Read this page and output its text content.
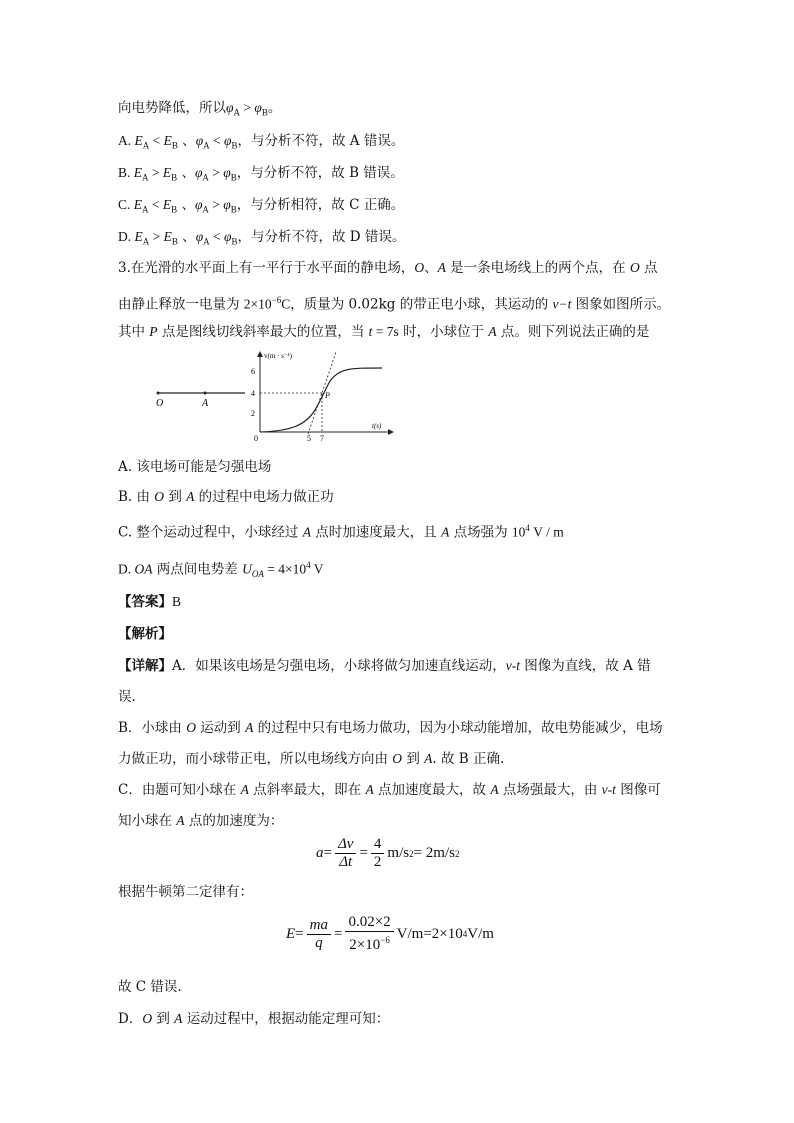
向电势降低，所以$\varphi_A > \varphi_B$。
A. $E_A < E_B$ 、$\varphi_A < \varphi_B$，与分析不符，故 A 错误。
B. $E_A > E_B$ 、$\varphi_A > \varphi_B$，与分析不符，故 B 错误。
C. $E_A < E_B$ 、$\varphi_A > \varphi_B$，与分析相符，故 C 正确。
D. $E_A > E_B$ 、$\varphi_A < \varphi_B$，与分析不符，故 D 错误。
3.在光滑的水平面上有一平行于水平面的静电场，O、A 是一条电场线上的两个点，在 O 点
由静止释放一电量为 $2\times 10^{-6}C$，质量为 0.02kg 的带正电小球，其运动的 v−t 图象如图所示。
其中 P 点是图线切线斜率最大的位置，当 t = 7s 时，小球位于 A 点。则下列说法正确的是
O	A
v(m · s⁻¹)
t(s)
6
4
2
0	5 7
P
A. 该电场可能是匀强电场
B. 由 O 到 A 的过程中电场力做正功
C. 整个运动过程中，小球经过 A 点时加速度最大，且 A 点场强为 $10^4$ V / m
D. OA 两点间电势差 $U_{OA} = 4\times 10^4$ V
【答案】B
【解析】
【详解】A．如果该电场是匀强电场，小球将做匀加速直线运动，v-t 图像为直线，故 A 错
误.
B．小球由 O 运动到 A 的过程中只有电场力做功，因为小球动能增加，故电势能减少，电场
力做正功，而小球带正电，所以电场线方向由 O 到 A. 故 B 正确.
C．由题可知小球在 A 点斜率最大，即在 A 点加速度最大，故 A 点场强最大，由 v-t 图像可
知小球在 A 点的加速度为：
$a = \frac{\Delta v}{\Delta t} = \frac{4}{2} m/s$ 2 = 2m/s 2
根据牛顿第二定律有：
$E = \frac{ma}{q} = \frac{0.02\times 2}{2\times 10^{-6}} V/m=2\times 10$ 4 V/m
故 C 错误.
D．O 到 A 运动过程中，根据动能定理可知：
